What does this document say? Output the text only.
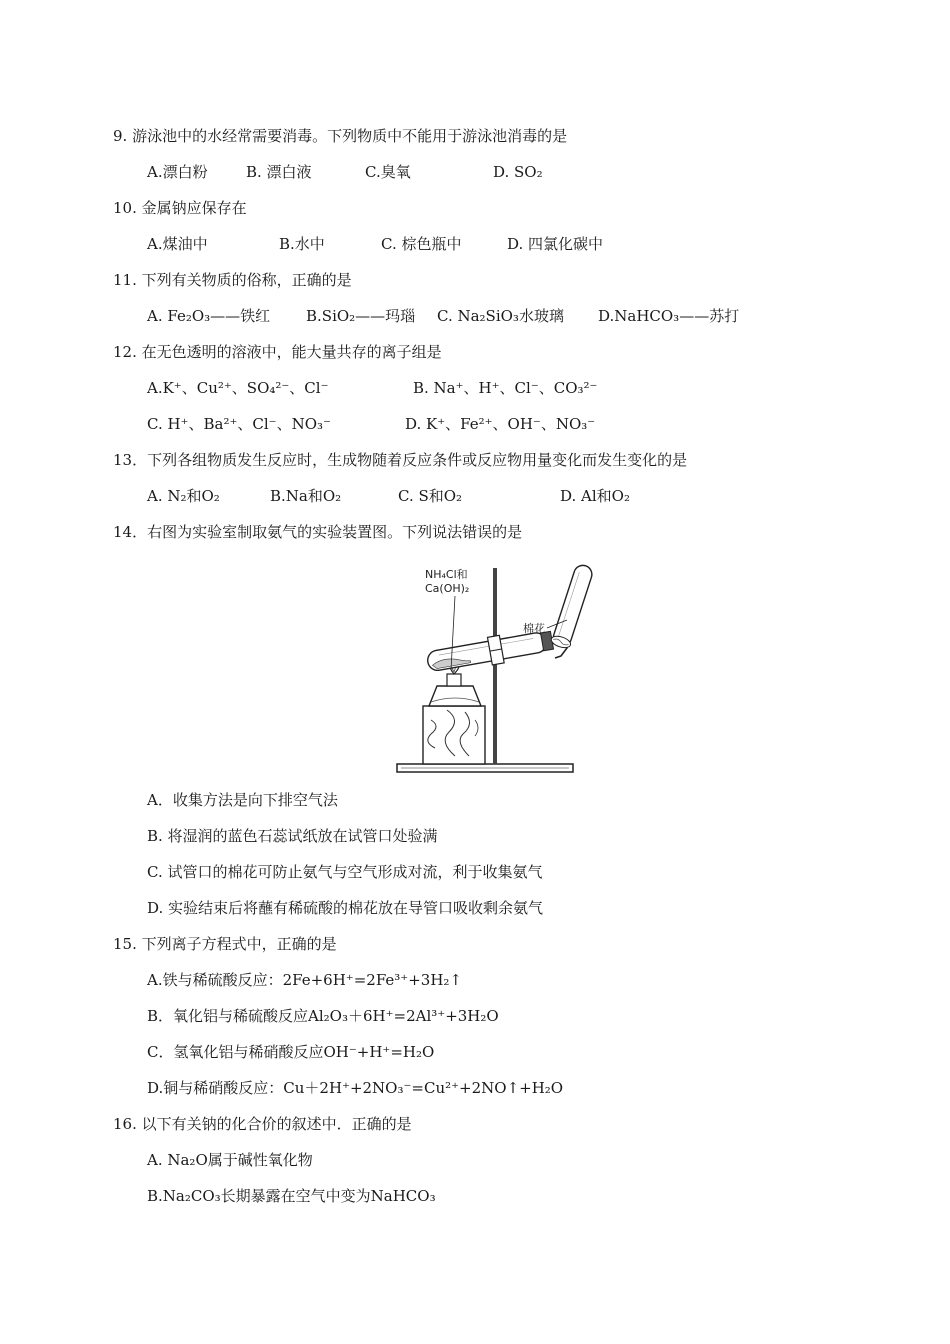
9. 游泳池中的水经常需要消毒。下列物质中不能用于游泳池消毒的是
A.漂白粉	B. 漂白液	C.臭氧	D. SO₂
10. 金属钠应保存在
A.煤油中	B.水中	C. 棕色瓶中	D. 四氯化碳中
11. 下列有关物质的俗称，正确的是
A. Fe₂O₃——铁红 B.SiO₂——玛瑙 C. Na₂SiO₃水玻璃 D.NaHCO₃——苏打
12. 在无色透明的溶液中，能大量共存的离子组是
A.K⁺、Cu²⁺、SO₄²⁻、Cl⁻	B. Na⁺、H⁺、Cl⁻、CO₃²⁻
C. H⁺、Ba²⁺、Cl⁻、NO₃⁻	D. K⁺、Fe²⁺、OH⁻、NO₃⁻
13．下列各组物质发生反应时，生成物随着反应条件或反应物用量变化而发生变化的是
A. N₂和O₂	B.Na和O₂	C. S和O₂	D. Al和O₂
14．右图为实验室制取氨气的实验装置图。下列说法错误的是
NH₄Cl和
Ca(OH)₂
棉花
A．收集方法是向下排空气法
B. 将湿润的蓝色石蕊试纸放在试管口处验满
C. 试管口的棉花可防止氨气与空气形成对流，利于收集氨气
D. 实验结束后将蘸有稀硫酸的棉花放在导管口吸收剩余氨气
15. 下列离子方程式中，正确的是
A.铁与稀硫酸反应：2Fe+6H⁺=2Fe³⁺+3H₂↑
B．氧化铝与稀硫酸反应Al₂O₃＋6H⁺=2Al³⁺+3H₂O
C．氢氧化铝与稀硝酸反应OH⁻+H⁺=H₂O
D.铜与稀硝酸反应：Cu＋2H⁺+2NO₃⁻=Cu²⁺+2NO↑+H₂O
16. 以下有关钠的化合价的叙述中．正确的是
A. Na₂O属于碱性氧化物
B.Na₂CO₃长期暴露在空气中变为NaHCO₃
